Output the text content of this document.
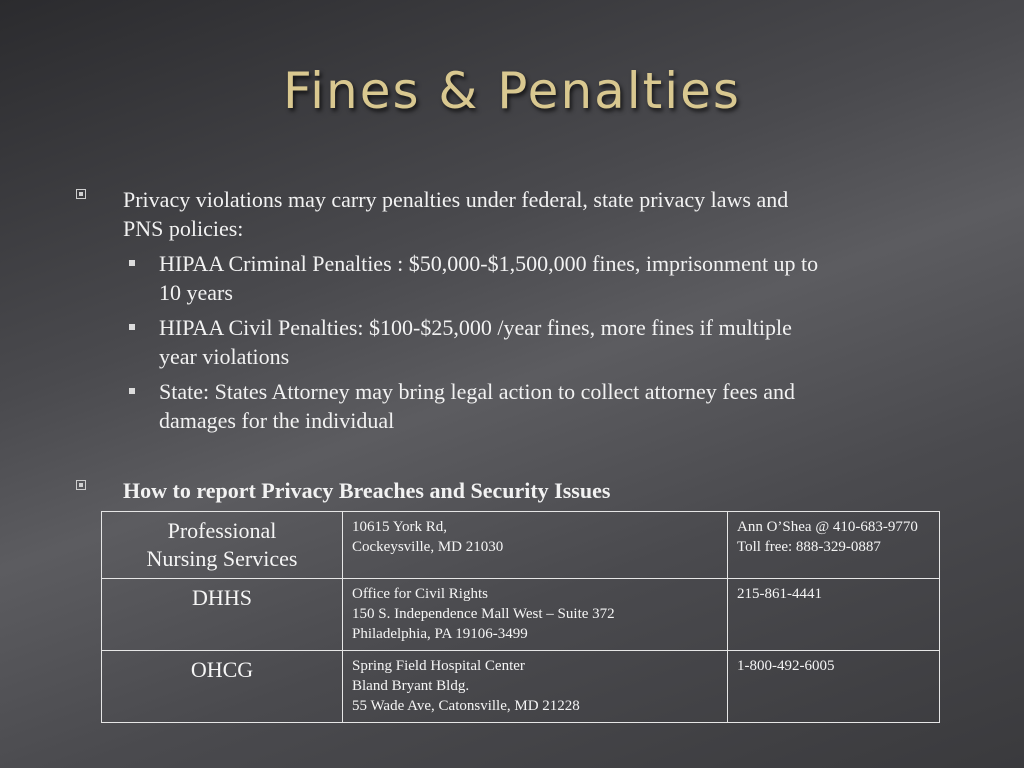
Fines & Penalties
Privacy violations may carry penalties under federal, state privacy laws and
PNS policies:
HIPAA Criminal Penalties : $50,000-$1,500,000 fines, imprisonment up to
10 years
HIPAA Civil Penalties: $100-$25,000 /year fines, more fines if multiple
year violations
State: States Attorney may bring legal action to collect attorney fees and
damages for the individual
How to report Privacy Breaches and Security Issues
Professional
Nursing Services	10615 York Rd,
Cockeysville, MD 21030	Ann O’Shea @ 410-683-9770
Toll free: 888-329-0887

DHHS	Office for Civil Rights
150 S. Independence Mall West – Suite 372
Philadelphia, PA 19106-3499	215-861-4441

OHCG	Spring Field Hospital Center
Bland Bryant Bldg.
55 Wade Ave, Catonsville, MD 21228	1-800-492-6005
